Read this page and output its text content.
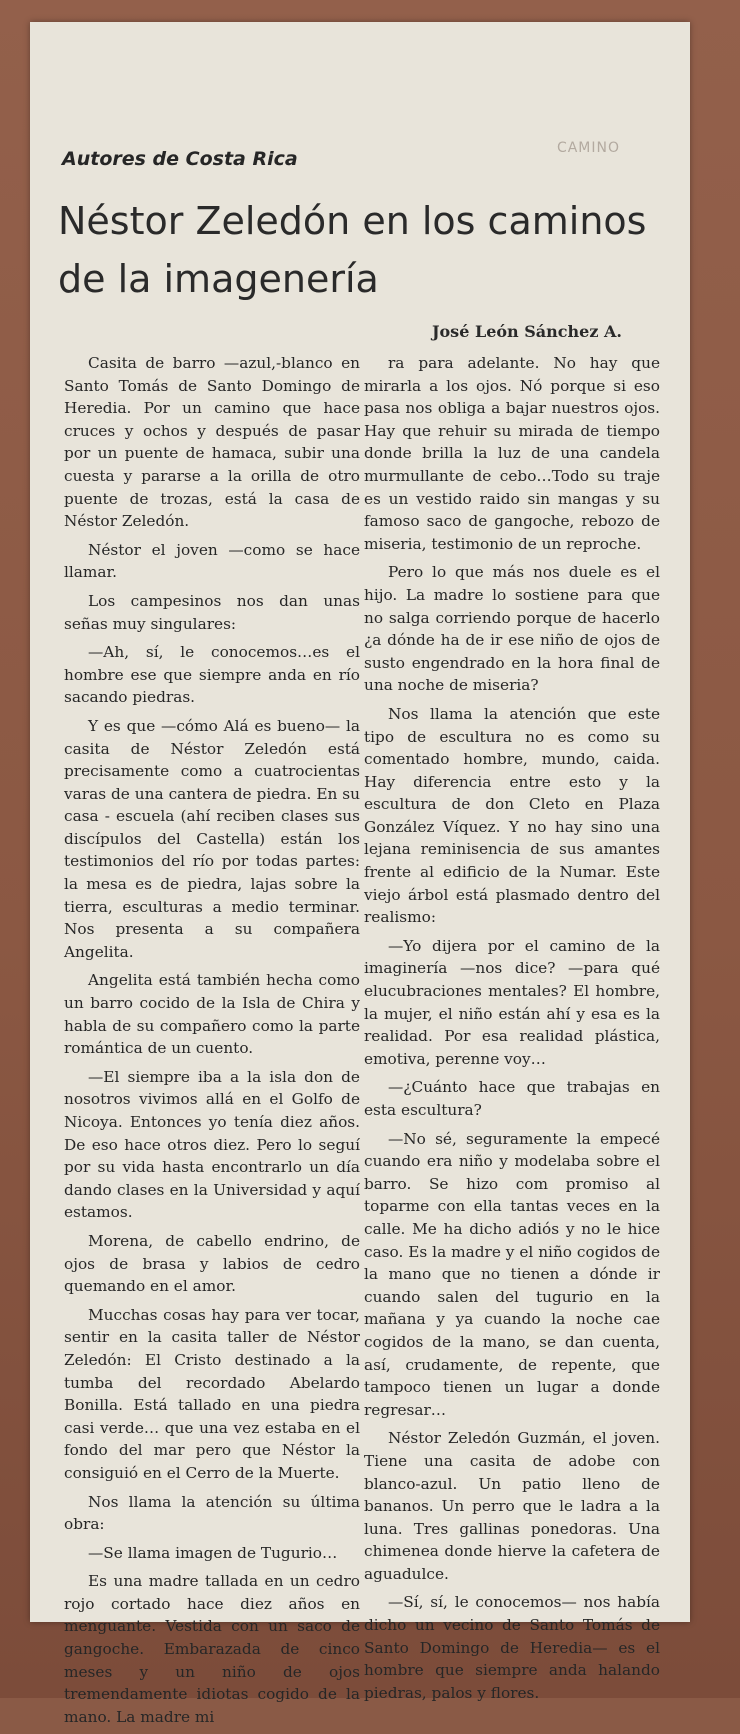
CAMINO
Autores de Costa Rica
Néstor Zeledón en los caminos de la imagenería
José León Sánchez A.

Casita de barro —azul,-blanco en Santo Tomás de Santo Domingo de Heredia. Por un camino que hace cruces y ochos y después de pasar por un puente de hamaca, subir una cuesta y pararse a la orilla de otro puente de trozas, está la casa de Néstor Zeledón.

Néstor el joven —como se hace llamar.

Los campesinos nos dan unas señas muy singulares:

—Ah, sí, le conocemos…es el hombre ese que siempre anda en río sacando piedras.

Y es que —cómo Alá es bueno— la casita de Néstor Zeledón está precisamente como a cuatrocientas varas de una cantera de piedra. En su casa - escuela (ahí reciben clases sus discípulos del Castella) están los testimonios del río por todas partes: la mesa es de piedra, lajas sobre la tierra, esculturas a medio terminar. Nos presenta a su compañera Angelita.

Angelita está también hecha como un barro cocido de la Isla de Chira y habla de su compañero como la parte romántica de un cuento.

—El siempre iba a la isla don de nosotros vivimos allá en el Golfo de Nicoya. Entonces yo tenía diez años. De eso hace otros diez. Pero lo seguí por su vida hasta encontrarlo un día dando clases en la Universidad y aquí estamos.

Morena, de cabello endrino, de ojos de brasa y labios de cedro quemando en el amor.

Mucchas cosas hay para ver tocar, sentir en la casita taller de Néstor Zeledón: El Cristo destinado a la tumba del recordado Abelardo Bonilla. Está tallado en una piedra casi verde… que una vez estaba en el fondo del mar pero que Néstor la consiguió en el Cerro de la Muerte.

Nos llama la atención su última obra:

—Se llama imagen de Tugurio…

Es una madre tallada en un cedro rojo cortado hace diez años en menguante. Vestida con un saco de gangoche. Embarazada de cinco meses y un niño de ojos tremendamente idiotas cogido de la mano. La madre mi

ra para adelante. No hay que mirarla a los ojos. Nó porque si eso pasa nos obliga a bajar nuestros ojos. Hay que rehuir su mirada de tiempo donde brilla la luz de una candela murmullante de cebo…Todo su traje es un vestido raido sin mangas y su famoso saco de gangoche, rebozo de miseria, testimonio de un reproche.

Pero lo que más nos duele es el hijo. La madre lo sostiene para que no salga corriendo porque de hacerlo ¿a dónde ha de ir ese niño de ojos de susto engendrado en la hora final de una noche de miseria?

Nos llama la atención que este tipo de escultura no es como su comentado hombre, mundo, caida. Hay diferencia entre esto y la escultura de don Cleto en Plaza González Víquez. Y no hay sino una lejana reminisencia de sus amantes frente al edificio de la Numar. Este viejo árbol está plasmado dentro del realismo:

—Yo dijera por el camino de la imaginería —nos dice? —para qué elucubraciones mentales? El hombre, la mujer, el niño están ahí y esa es la realidad. Por esa realidad plástica, emotiva, perenne voy…

—¿Cuánto hace que trabajas en esta escultura?

—No sé, seguramente la empecé cuando era niño y modelaba sobre el barro. Se hizo com promiso al toparme con ella tantas veces en la calle. Me ha dicho adiós y no le hice caso. Es la madre y el niño cogidos de la mano que no tienen a dónde ir cuando salen del tugurio en la mañana y ya cuando la noche cae cogidos de la mano, se dan cuenta, así, crudamente, de repente, que tampoco tienen un lugar a donde regresar…

Néstor Zeledón Guzmán, el joven. Tiene una casita de adobe con blanco-azul. Un patio lleno de bananos. Un perro que le ladra a la luna. Tres gallinas ponedoras. Una chimenea donde hierve la cafetera de aguadulce.

—Sí, sí, le conocemos— nos había dicho un vecino de Santo Tomás de Santo Domingo de Heredia— es el hombre que siempre anda halando piedras, palos y flores.
